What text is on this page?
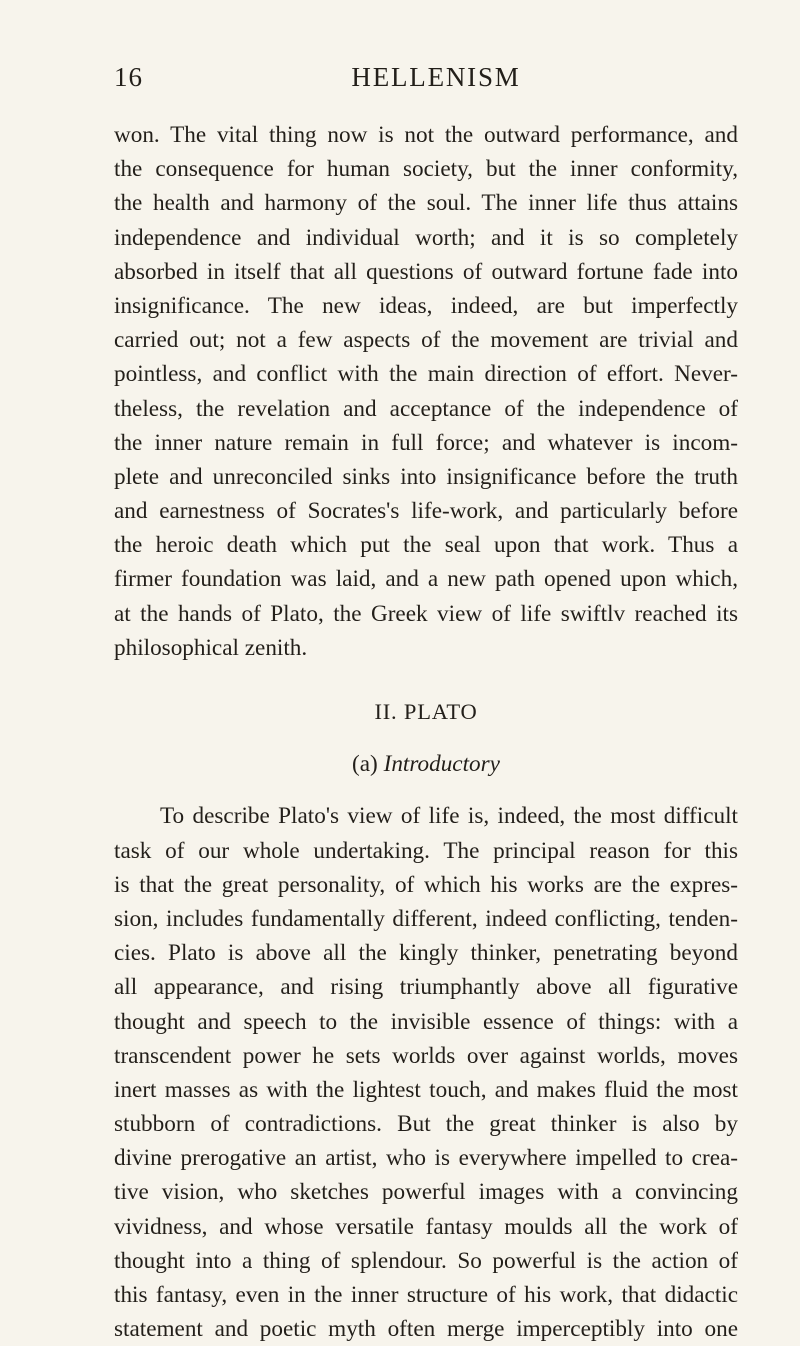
16	HELLENISM
won. The vital thing now is not the outward performance, and
the consequence for human society, but the inner conformity,
the health and harmony of the soul. The inner life thus attains
independence and individual worth; and it is so completely
absorbed in itself that all questions of outward fortune fade into
insignificance. The new ideas, indeed, are but imperfectly
carried out; not a few aspects of the movement are trivial and
pointless, and conflict with the main direction of effort. Never-
theless, the revelation and acceptance of the independence of
the inner nature remain in full force; and whatever is incom-
plete and unreconciled sinks into insignificance before the truth
and earnestness of Socrates's life-work, and particularly before
the heroic death which put the seal upon that work. Thus a
firmer foundation was laid, and a new path opened upon which,
at the hands of Plato, the Greek view of life swiftlv reached its
philosophical zenith.
II. PLATO
(a) Introductory
To describe Plato's view of life is, indeed, the most difficult
task of our whole undertaking. The principal reason for this
is that the great personality, of which his works are the expres-
sion, includes fundamentally different, indeed conflicting, tenden-
cies. Plato is above all the kingly thinker, penetrating beyond
all appearance, and rising triumphantly above all figurative
thought and speech to the invisible essence of things: with a
transcendent power he sets worlds over against worlds, moves
inert masses as with the lightest touch, and makes fluid the most
stubborn of contradictions. But the great thinker is also by
divine prerogative an artist, who is everywhere impelled to crea-
tive vision, who sketches powerful images with a convincing
vividness, and whose versatile fantasy moulds all the work of
thought into a thing of splendour. So powerful is the action of
this fantasy, even in the inner structure of his work, that didactic
statement and poetic myth often merge imperceptibly into one
